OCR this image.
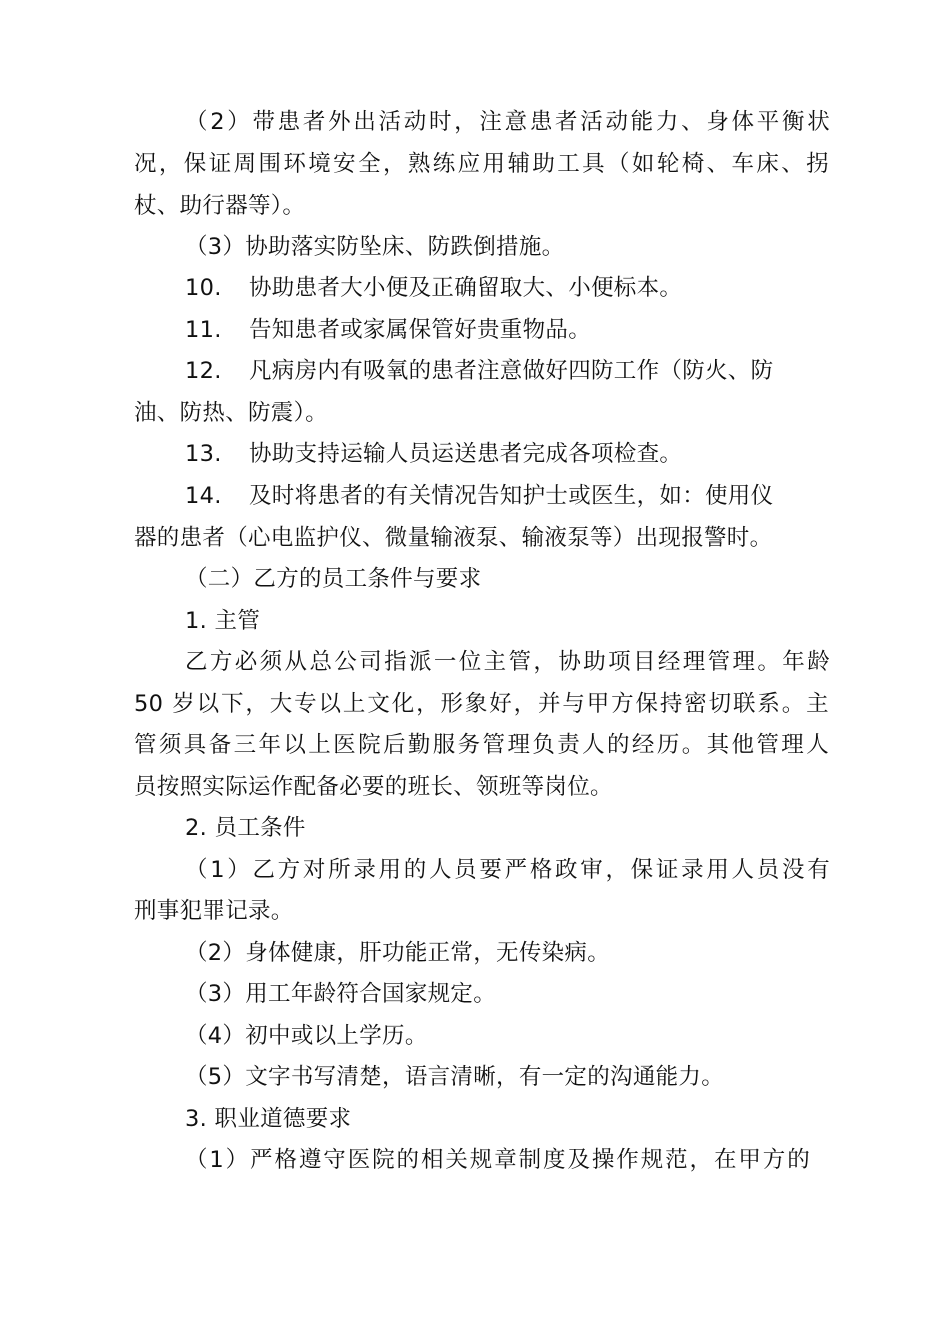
（2）带患者外出活动时，注意患者活动能力、身体平衡状
况，保证周围环境安全，熟练应用辅助工具（如轮椅、车床、拐
杖、助行器等）。
（3）协助落实防坠床、防跌倒措施。
10. 协助患者大小便及正确留取大、小便标本。
11. 告知患者或家属保管好贵重物品。
12. 凡病房内有吸氧的患者注意做好四防工作（防火、防
油、防热、防震）。
13. 协助支持运输人员运送患者完成各项检查。
14. 及时将患者的有关情况告知护士或医生，如：使用仪
器的患者（心电监护仪、微量输液泵、输液泵等）出现报警时。
（二）乙方的员工条件与要求
1. 主管
乙方必须从总公司指派一位主管，协助项目经理管理。年龄
50 岁以下，大专以上文化，形象好，并与甲方保持密切联系。主
管须具备三年以上医院后勤服务管理负责人的经历。其他管理人
员按照实际运作配备必要的班长、领班等岗位。
2. 员工条件
（1）乙方对所录用的人员要严格政审，保证录用人员没有
刑事犯罪记录。
（2）身体健康，肝功能正常，无传染病。
（3）用工年龄符合国家规定。
（4）初中或以上学历。
（5）文字书写清楚，语言清晰，有一定的沟通能力。
3. 职业道德要求
（1）严格遵守医院的相关规章制度及操作规范，在甲方的
